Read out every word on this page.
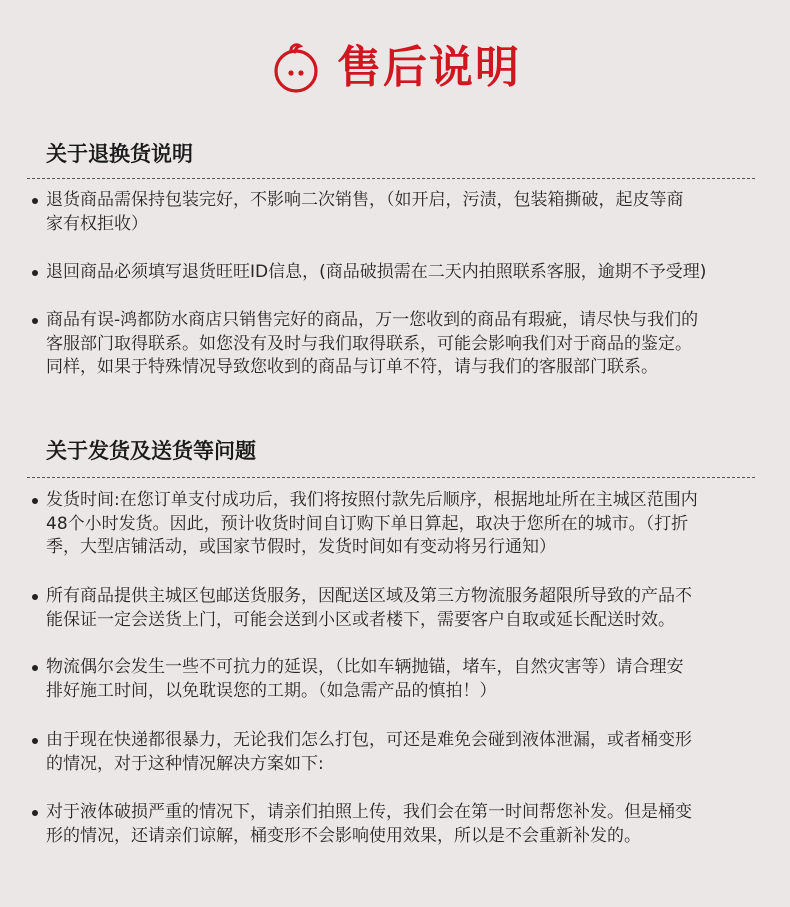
售后说明
关于退换货说明
退货商品需保持包装完好，不影响二次销售，（如开启，污渍，包装箱撕破，起皮等商
家有权拒收）
退回商品必须填写退货旺旺ID信息，(商品破损需在二天内拍照联系客服，逾期不予受理)
商品有误-鸿都防水商店只销售完好的商品，万一您收到的商品有瑕疵，请尽快与我们的
客服部门取得联系。如您没有及时与我们取得联系，可能会影响我们对于商品的鉴定。
同样，如果于特殊情况导致您收到的商品与订单不符，请与我们的客服部门联系。
关于发货及送货等问题
发货时间:在您订单支付成功后，我们将按照付款先后顺序，根据地址所在主城区范围内
48个小时发货。因此，预计收货时间自订购下单日算起，取决于您所在的城市。（打折
季，大型店铺活动，或国家节假时，发货时间如有变动将另行通知）
所有商品提供主城区包邮送货服务，因配送区域及第三方物流服务超限所导致的产品不
能保证一定会送货上门，可能会送到小区或者楼下，需要客户自取或延长配送时效。
物流偶尔会发生一些不可抗力的延误，（比如车辆抛锚，堵车，自然灾害等）请合理安
排好施工时间，以免耽误您的工期。（如急需产品的慎拍！）
由于现在快递都很暴力，无论我们怎么打包，可还是难免会碰到液体泄漏，或者桶变形
的情况，对于这种情况解决方案如下:
对于液体破损严重的情况下，请亲们拍照上传，我们会在第一时间帮您补发。但是桶变
形的情况，还请亲们谅解，桶变形不会影响使用效果，所以是不会重新补发的。
